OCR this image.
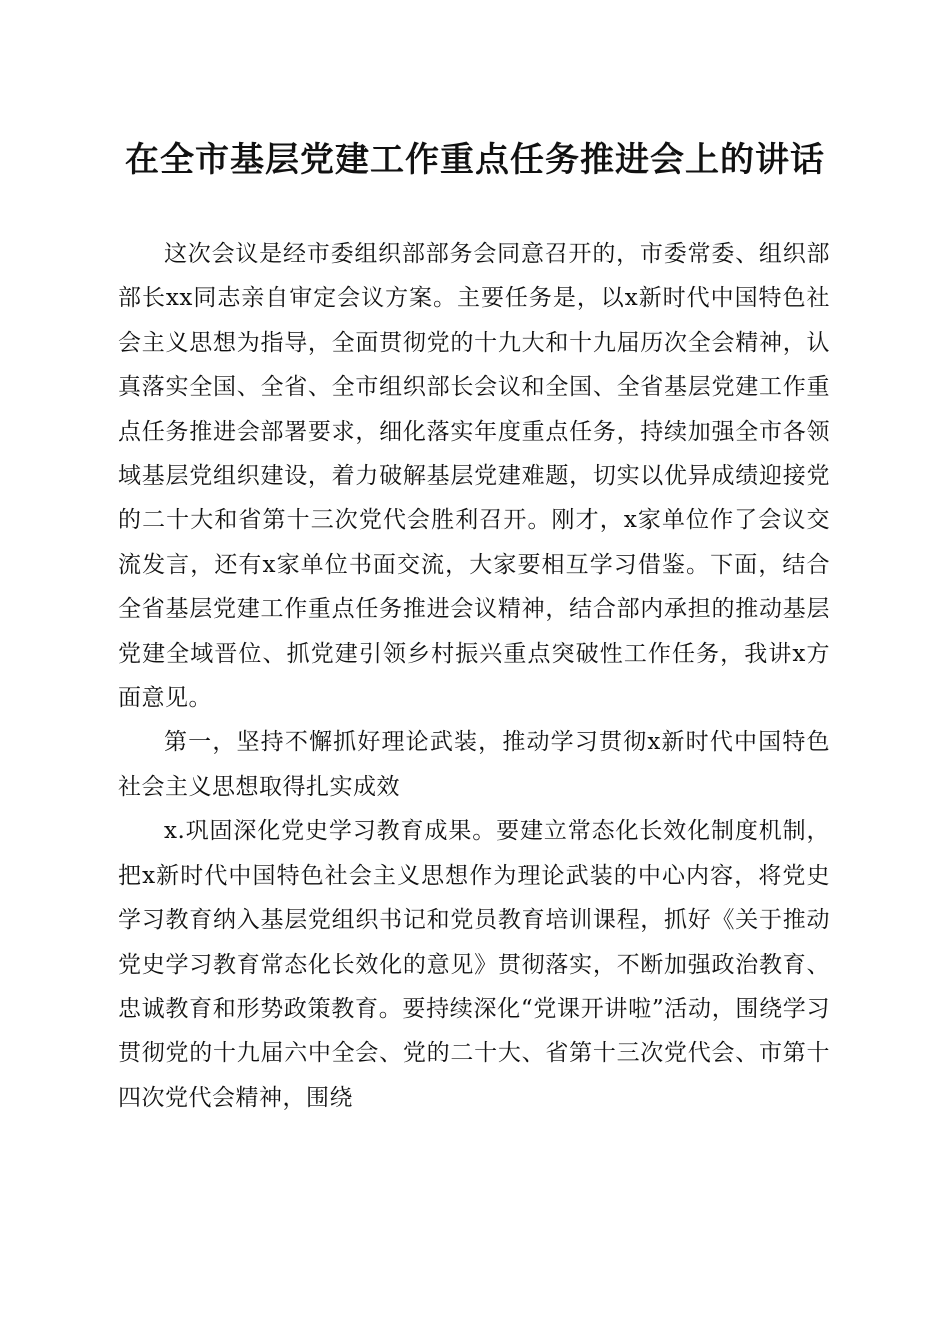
在全市基层党建工作重点任务推进会上的讲话

这次会议是经市委组织部部务会同意召开的，市委常委、组织部部长xx同志亲自审定会议方案。主要任务是，以x新时代中国特色社会主义思想为指导，全面贯彻党的十九大和十九届历次全会精神，认真落实全国、全省、全市组织部长会议和全国、全省基层党建工作重点任务推进会部署要求，细化落实年度重点任务，持续加强全市各领域基层党组织建设，着力破解基层党建难题，切实以优异成绩迎接党的二十大和省第十三次党代会胜利召开。刚才，x家单位作了会议交流发言，还有x家单位书面交流，大家要相互学习借鉴。下面，结合全省基层党建工作重点任务推进会议精神，结合部内承担的推动基层党建全域晋位、抓党建引领乡村振兴重点突破性工作任务，我讲x方面意见。

第一，坚持不懈抓好理论武装，推动学习贯彻x新时代中国特色社会主义思想取得扎实成效

x.巩固深化党史学习教育成果。要建立常态化长效化制度机制，把x新时代中国特色社会主义思想作为理论武装的中心内容，将党史学习教育纳入基层党组织书记和党员教育培训课程，抓好《关于推动党史学习教育常态化长效化的意见》贯彻落实，不断加强政治教育、忠诚教育和形势政策教育。要持续深化“党课开讲啦”活动，围绕学习贯彻党的十九届六中全会、党的二十大、省第十三次党代会、市第十四次党代会精神，围绕
